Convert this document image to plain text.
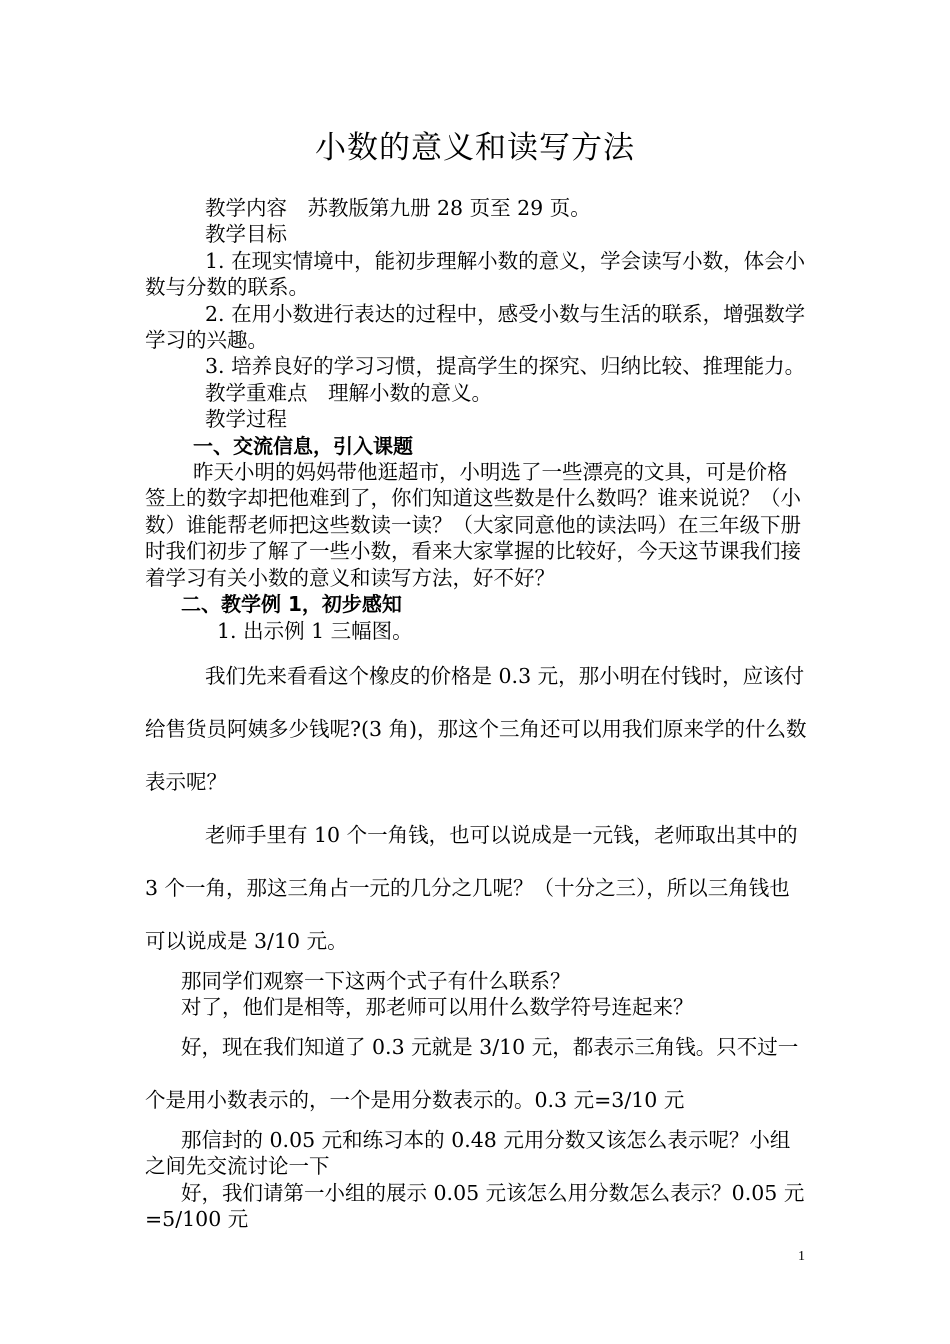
小数的意义和读写方法

教学内容　苏教版第九册 28 页至 29 页。

教学目标

1. 在现实情境中，能初步理解小数的意义，学会读写小数，体会小数与分数的联系。

2. 在用小数进行表达的过程中，感受小数与生活的联系，增强数学学习的兴趣。

3. 培养良好的学习习惯，提高学生的探究、归纳比较、推理能力。

教学重难点　理解小数的意义。

教学过程

一、交流信息，引入课题

昨天小明的妈妈带他逛超市，小明选了一些漂亮的文具，可是价格签上的数字却把他难到了，你们知道这些数是什么数吗？谁来说说？（小数）谁能帮老师把这些数读一读？（大家同意他的读法吗）在三年级下册时我们初步了解了一些小数，看来大家掌握的比较好，今天这节课我们接着学习有关小数的意义和读写方法，好不好？

二、教学例 1，初步感知

1. 出示例 1 三幅图。

我们先来看看这个橡皮的价格是 0.3 元，那小明在付钱时，应该付给售货员阿姨多少钱呢?(3 角)，那这个三角还可以用我们原来学的什么数表示呢？

老师手里有 10 个一角钱，也可以说成是一元钱，老师取出其中的 3 个一角，那这三角占一元的几分之几呢？（十分之三），所以三角钱也可以说成是 3/10 元。

那同学们观察一下这两个式子有什么联系？

对了，他们是相等，那老师可以用什么数学符号连起来？

好，现在我们知道了 0.3 元就是 3/10 元，都表示三角钱。只不过一个是用小数表示的，一个是用分数表示的。0.3 元=3/10 元

那信封的 0.05 元和练习本的 0.48 元用分数又该怎么表示呢？小组之间先交流讨论一下

好，我们请第一小组的展示 0.05 元该怎么用分数怎么表示？0.05 元=5/100 元

1
